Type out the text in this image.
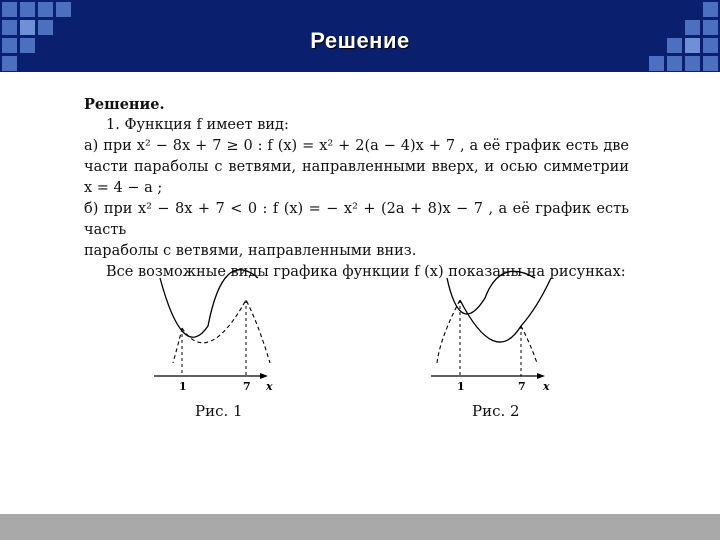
Решение

Решение.

1. Функция f имеет вид:

а) при x² − 8x + 7 ≥ 0 : f (x) = x² + 2(a − 4)x + 7 , а её график есть две

части параболы с ветвями, направленными вверх, и осью симметрии

x = 4 − a ;

б) при x² − 8x + 7 < 0 : f (x) = − x² + (2a + 8)x − 7 , а её график есть часть

параболы с ветвями, направленными вниз.

Все возможные виды графика функции f (x) показаны на рисунках:

1	7 x
Рис. 1
1	7 x
Рис. 2
